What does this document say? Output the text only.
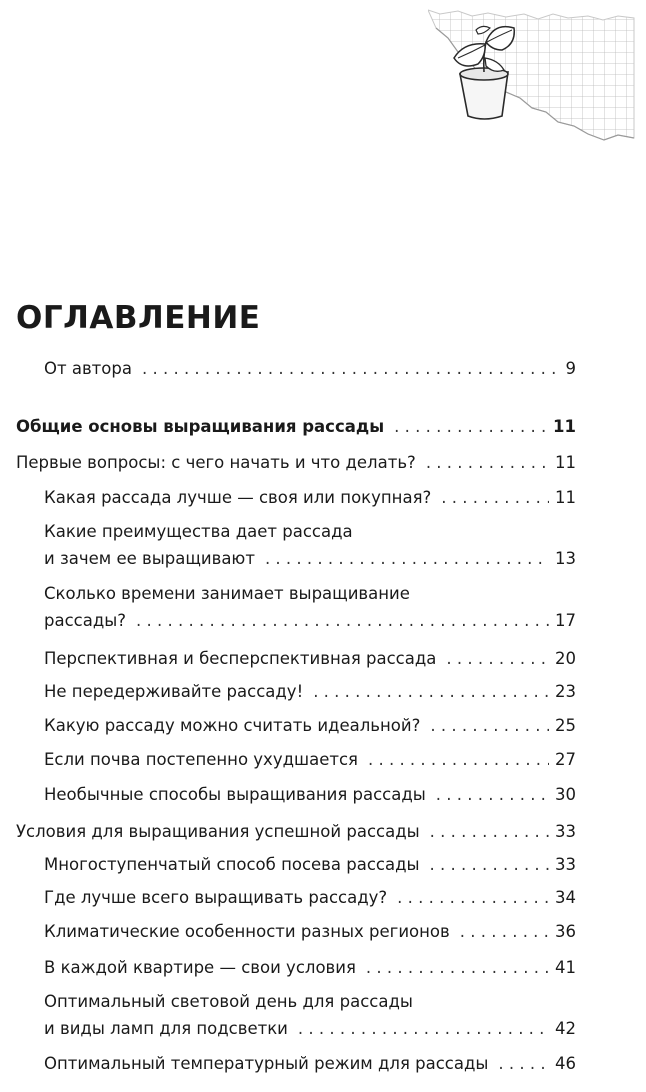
ОГЛАВЛЕНИЕ
От автора . . .	9
Общие основы выращивания рассады . . .	11
Первые вопросы: с чего начать и что делать? . . .	11
Какая рассада лучше — своя или покупная? . . .	11
Какие преимущества дает рассада
и зачем ее выращивают . . .	13
Сколько времени занимает выращивание
рассады? . . .	17
Перспективная и бесперспективная рассада . . .	20
Не передерживайте рассаду! . . .	23
Какую рассаду можно считать идеальной? . . .	25
Если почва постепенно ухудшается . . .	27
Необычные способы выращивания рассады . . .	30
Условия для выращивания успешной рассады . . .	33
Многоступенчатый способ посева рассады . . .	33
Где лучше всего выращивать рассаду? . . .	34
Климатические особенности разных регионов . . .	36
В каждой квартире — свои условия . . .	41
Оптимальный световой день для рассады
и виды ламп для подсветки . . .	42
Оптимальный температурный режим для рассады . . .	46
